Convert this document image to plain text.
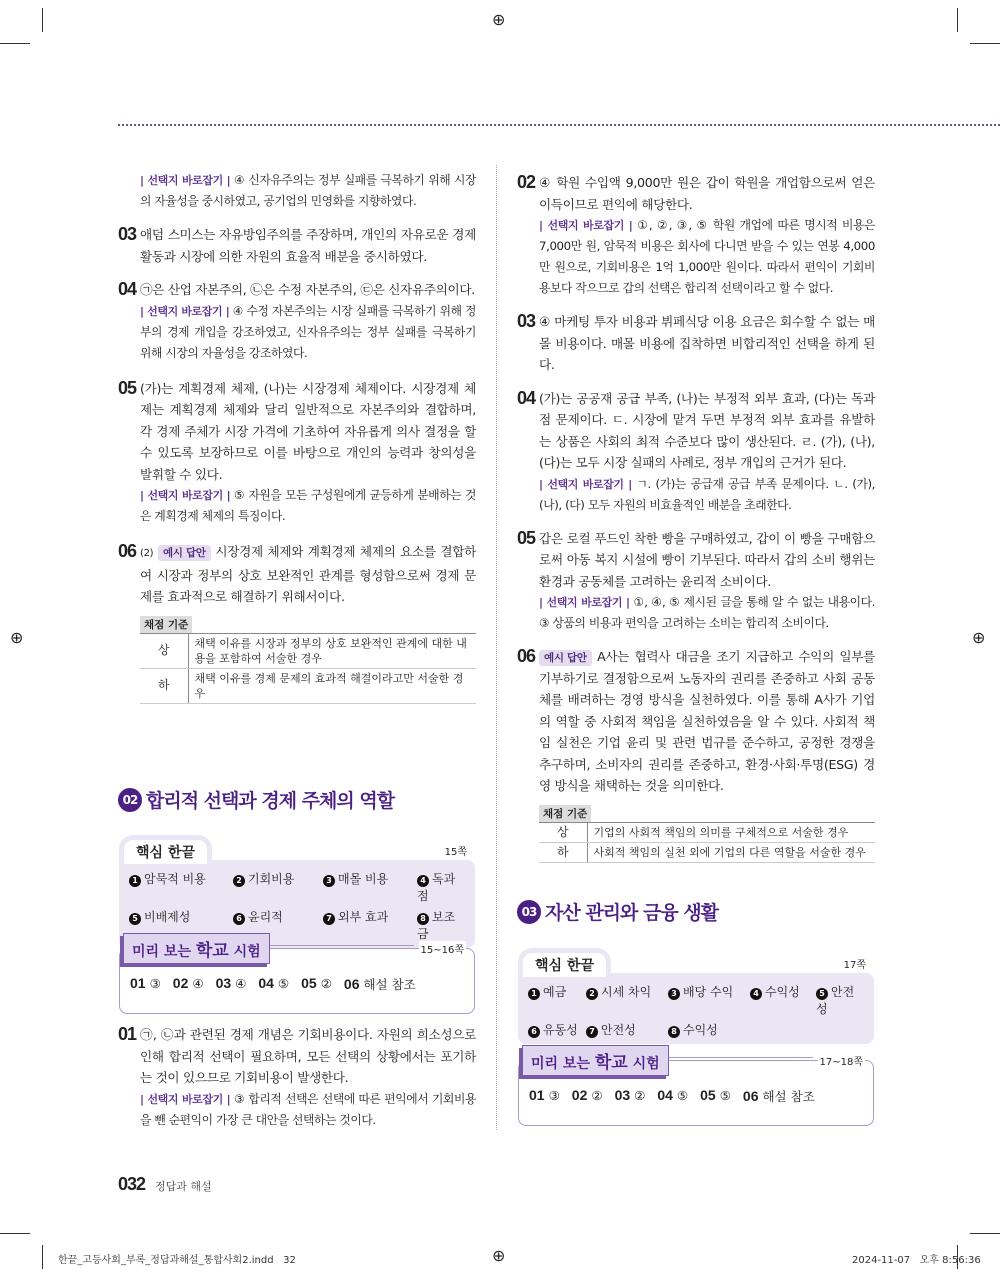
⊕
⊕	⊕
⊕
| 선택지 바로잡기 | ④ 신자유주의는 정부 실패를 극복하기 위해 시장의 자율성을 중시하였고, 공기업의 민영화를 지향하였다.
03 애덤 스미스는 자유방임주의를 주장하며, 개인의 자유로운 경제 활동과 시장에 의한 자원의 효율적 배분을 중시하였다.
04 ㉠은 산업 자본주의, ㉡은 수정 자본주의, ㉢은 신자유주의이다.
| 선택지 바로잡기 | ④ 수정 자본주의는 시장 실패를 극복하기 위해 정부의 경제 개입을 강조하였고, 신자유주의는 정부 실패를 극복하기 위해 시장의 자율성을 강조하였다.
05 (가)는 계획경제 체제, (나)는 시장경제 체제이다. 시장경제 체제는 계획경제 체제와 달리 일반적으로 자본주의와 결합하며, 각 경제 주체가 시장 가격에 기초하여 자유롭게 의사 결정을 할 수 있도록 보장하므로 이를 바탕으로 개인의 능력과 창의성을 발휘할 수 있다.
| 선택지 바로잡기 | ⑤ 자원을 모든 구성원에게 균등하게 분배하는 것은 계획경제 체제의 특징이다.
06 (2) 예시 답안 시장경제 체제와 계획경제 체제의 요소를 결합하여 시장과 정부의 상호 보완적인 관계를 형성함으로써 경제 문제를 효과적으로 해결하기 위해서이다.
채점 기준
상	채택 이유를 시장과 정부의 상호 보완적인 관계에 대한 내용을 포함하여 서술한 경우
하	채택 이유를 경제 문제의 효과적 해결이라고만 서술한 경우
02 합리적 선택과 경제 주체의 역할
핵심 한끝	15쪽
1 암묵적 비용	2 기회비용	3 매몰 비용	4 독과점
5 비배제성	6 윤리적	7 외부 효과	8 보조금
미리 보는 학교 시험	15~16쪽
01 ③ 02 ④ 03 ④ 04 ⑤ 05 ② 06 해설 참조
01 ㉠, ㉡과 관련된 경제 개념은 기회비용이다. 자원의 희소성으로 인해 합리적 선택이 필요하며, 모든 선택의 상황에서는 포기하는 것이 있으므로 기회비용이 발생한다.
| 선택지 바로잡기 | ③ 합리적 선택은 선택에 따른 편익에서 기회비용을 뺀 순편익이 가장 큰 대안을 선택하는 것이다.
02 ④ 학원 수입액 9,000만 원은 갑이 학원을 개업함으로써 얻은 이득이므로 편익에 해당한다.
| 선택지 바로잡기 | ①, ②, ③, ⑤ 학원 개업에 따른 명시적 비용은 7,000만 원, 암묵적 비용은 회사에 다니면 받을 수 있는 연봉 4,000만 원으로, 기회비용은 1억 1,000만 원이다. 따라서 편익이 기회비용보다 작으므로 갑의 선택은 합리적 선택이라고 할 수 없다.
03 ④ 마케팅 투자 비용과 뷔페식당 이용 요금은 회수할 수 없는 매몰 비용이다. 매몰 비용에 집착하면 비합리적인 선택을 하게 된다.
04 (가)는 공공재 공급 부족, (나)는 부정적 외부 효과, (다)는 독과점 문제이다. ㄷ. 시장에 맡겨 두면 부정적 외부 효과를 유발하는 상품은 사회의 최적 수준보다 많이 생산된다. ㄹ. (가), (나), (다)는 모두 시장 실패의 사례로, 정부 개입의 근거가 된다.
| 선택지 바로잡기 | ㄱ. (가)는 공급재 공급 부족 문제이다. ㄴ. (가), (나), (다) 모두 자원의 비효율적인 배분을 초래한다.
05 갑은 로컬 푸드인 착한 빵을 구매하였고, 갑이 이 빵을 구매함으로써 아동 복지 시설에 빵이 기부된다. 따라서 갑의 소비 행위는 환경과 공동체를 고려하는 윤리적 소비이다.
| 선택지 바로잡기 | ①, ④, ⑤ 제시된 글을 통해 알 수 없는 내용이다. ③ 상품의 비용과 편익을 고려하는 소비는 합리적 소비이다.
06 예시 답안 A사는 협력사 대금을 조기 지급하고 수익의 일부를 기부하기로 결정함으로써 노동자의 권리를 존중하고 사회 공동체를 배려하는 경영 방식을 실천하였다. 이를 통해 A사가 기업의 역할 중 사회적 책임을 실천하였음을 알 수 있다. 사회적 책임 실천은 기업 윤리 및 관련 법규를 준수하고, 공정한 경쟁을 추구하며, 소비자의 권리를 존중하고, 환경·사회·투명(ESG) 경영 방식을 채택하는 것을 의미한다.
채점 기준
상	기업의 사회적 책임의 의미를 구체적으로 서술한 경우
하	사회적 책임의 실천 외에 기업의 다른 역할을 서술한 경우
03 자산 관리와 금융 생활
핵심 한끝	17쪽
1 예금	2 시세 차익	3 배당 수익	4 수익성	5 안전성
6 유동성	7 안전성	8 수익성
미리 보는 학교 시험	17~18쪽
01 ③ 02 ② 03 ② 04 ⑤ 05 ⑤ 06 해설 참조
032 정답과 해설
한끝_고등사회_부록_정답과해설_통합사회2.indd   32	2024-11-07   오후 8:56:36
